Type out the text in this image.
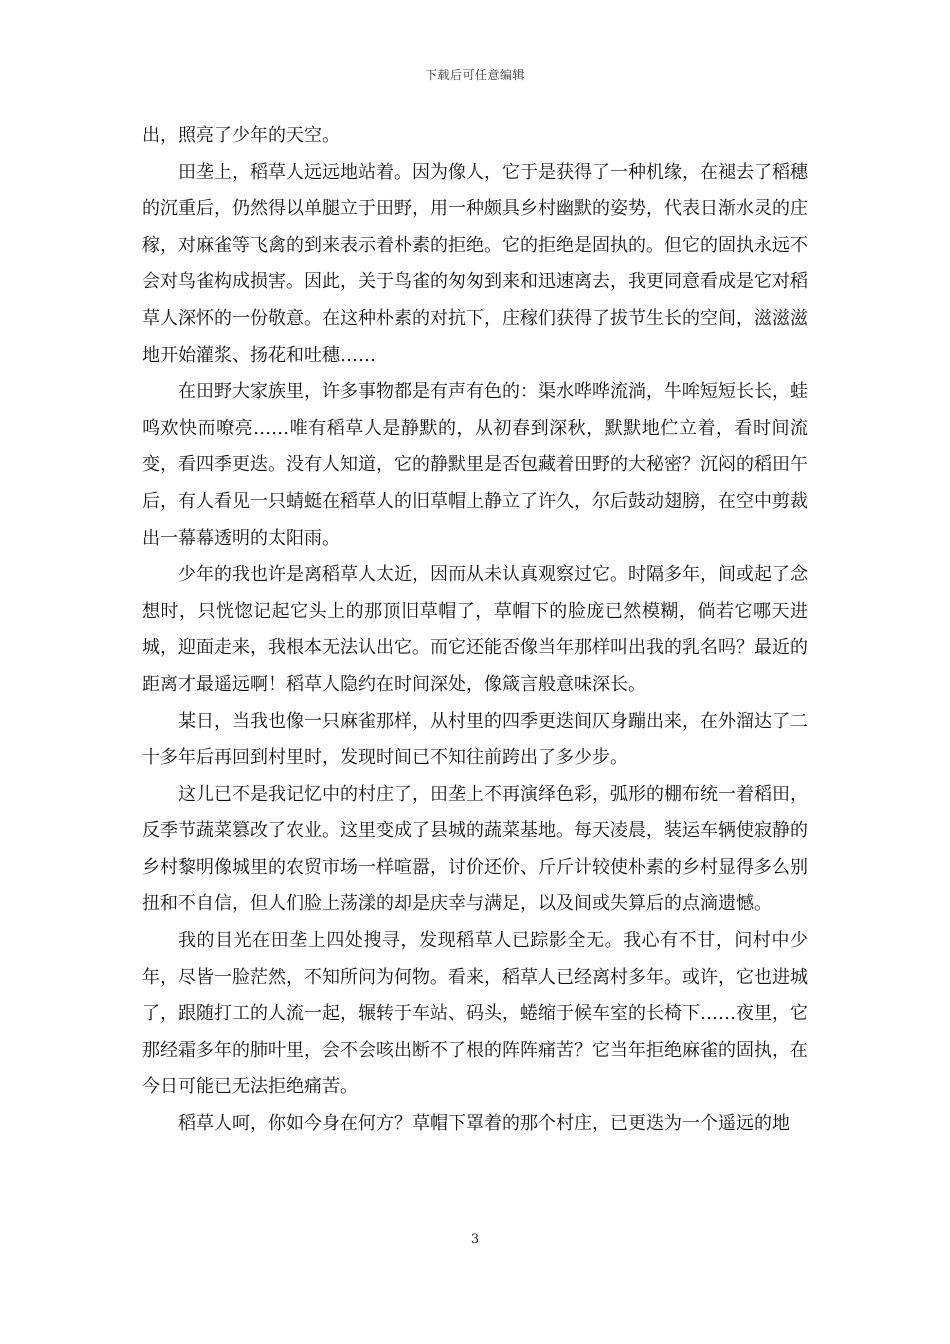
下载后可任意编辑

出，照亮了少年的天空。

田垄上，稻草人远远地站着。因为像人，它于是获得了一种机缘，在褪去了稻穗的沉重后，仍然得以单腿立于田野，用一种颇具乡村幽默的姿势，代表日渐水灵的庄稼，对麻雀等飞禽的到来表示着朴素的拒绝。它的拒绝是固执的。但它的固执永远不会对鸟雀构成损害。因此，关于鸟雀的匆匆到来和迅速离去，我更同意看成是它对稻草人深怀的一份敬意。在这种朴素的对抗下，庄稼们获得了拔节生长的空间，滋滋滋地开始灌浆、扬花和吐穗……

在田野大家族里，许多事物都是有声有色的：渠水哗哗流淌，牛哞短短长长，蛙鸣欢快而嘹亮……唯有稻草人是静默的，从初春到深秋，默默地伫立着，看时间流变，看四季更迭。没有人知道，它的静默里是否包藏着田野的大秘密？沉闷的稻田午后，有人看见一只蜻蜓在稻草人的旧草帽上静立了许久，尔后鼓动翅膀，在空中剪裁出一幕幕透明的太阳雨。

少年的我也许是离稻草人太近，因而从未认真观察过它。时隔多年，间或起了念想时，只恍惚记起它头上的那顶旧草帽了，草帽下的脸庞已然模糊，倘若它哪天进城，迎面走来，我根本无法认出它。而它还能否像当年那样叫出我的乳名吗？最近的距离才最遥远啊！稻草人隐约在时间深处，像箴言般意味深长。

某日，当我也像一只麻雀那样，从村里的四季更迭间仄身蹦出来，在外溜达了二十多年后再回到村里时，发现时间已不知往前跨出了多少步。

这儿已不是我记忆中的村庄了，田垄上不再演绎色彩，弧形的棚布统一着稻田，反季节蔬菜篡改了农业。这里变成了县城的蔬菜基地。每天凌晨，装运车辆使寂静的乡村黎明像城里的农贸市场一样喧嚣，讨价还价、斤斤计较使朴素的乡村显得多么别扭和不自信，但人们脸上荡漾的却是庆幸与满足，以及间或失算后的点滴遗憾。

我的目光在田垄上四处搜寻，发现稻草人已踪影全无。我心有不甘，问村中少年，尽皆一脸茫然，不知所问为何物。看来，稻草人已经离村多年。或许，它也进城了，跟随打工的人流一起，辗转于车站、码头，蜷缩于候车室的长椅下……夜里，它那经霜多年的肺叶里，会不会咳出断不了根的阵阵痛苦？它当年拒绝麻雀的固执，在今日可能已无法拒绝痛苦。

稻草人呵，你如今身在何方？草帽下罩着的那个村庄，已更迭为一个遥远的地

3
